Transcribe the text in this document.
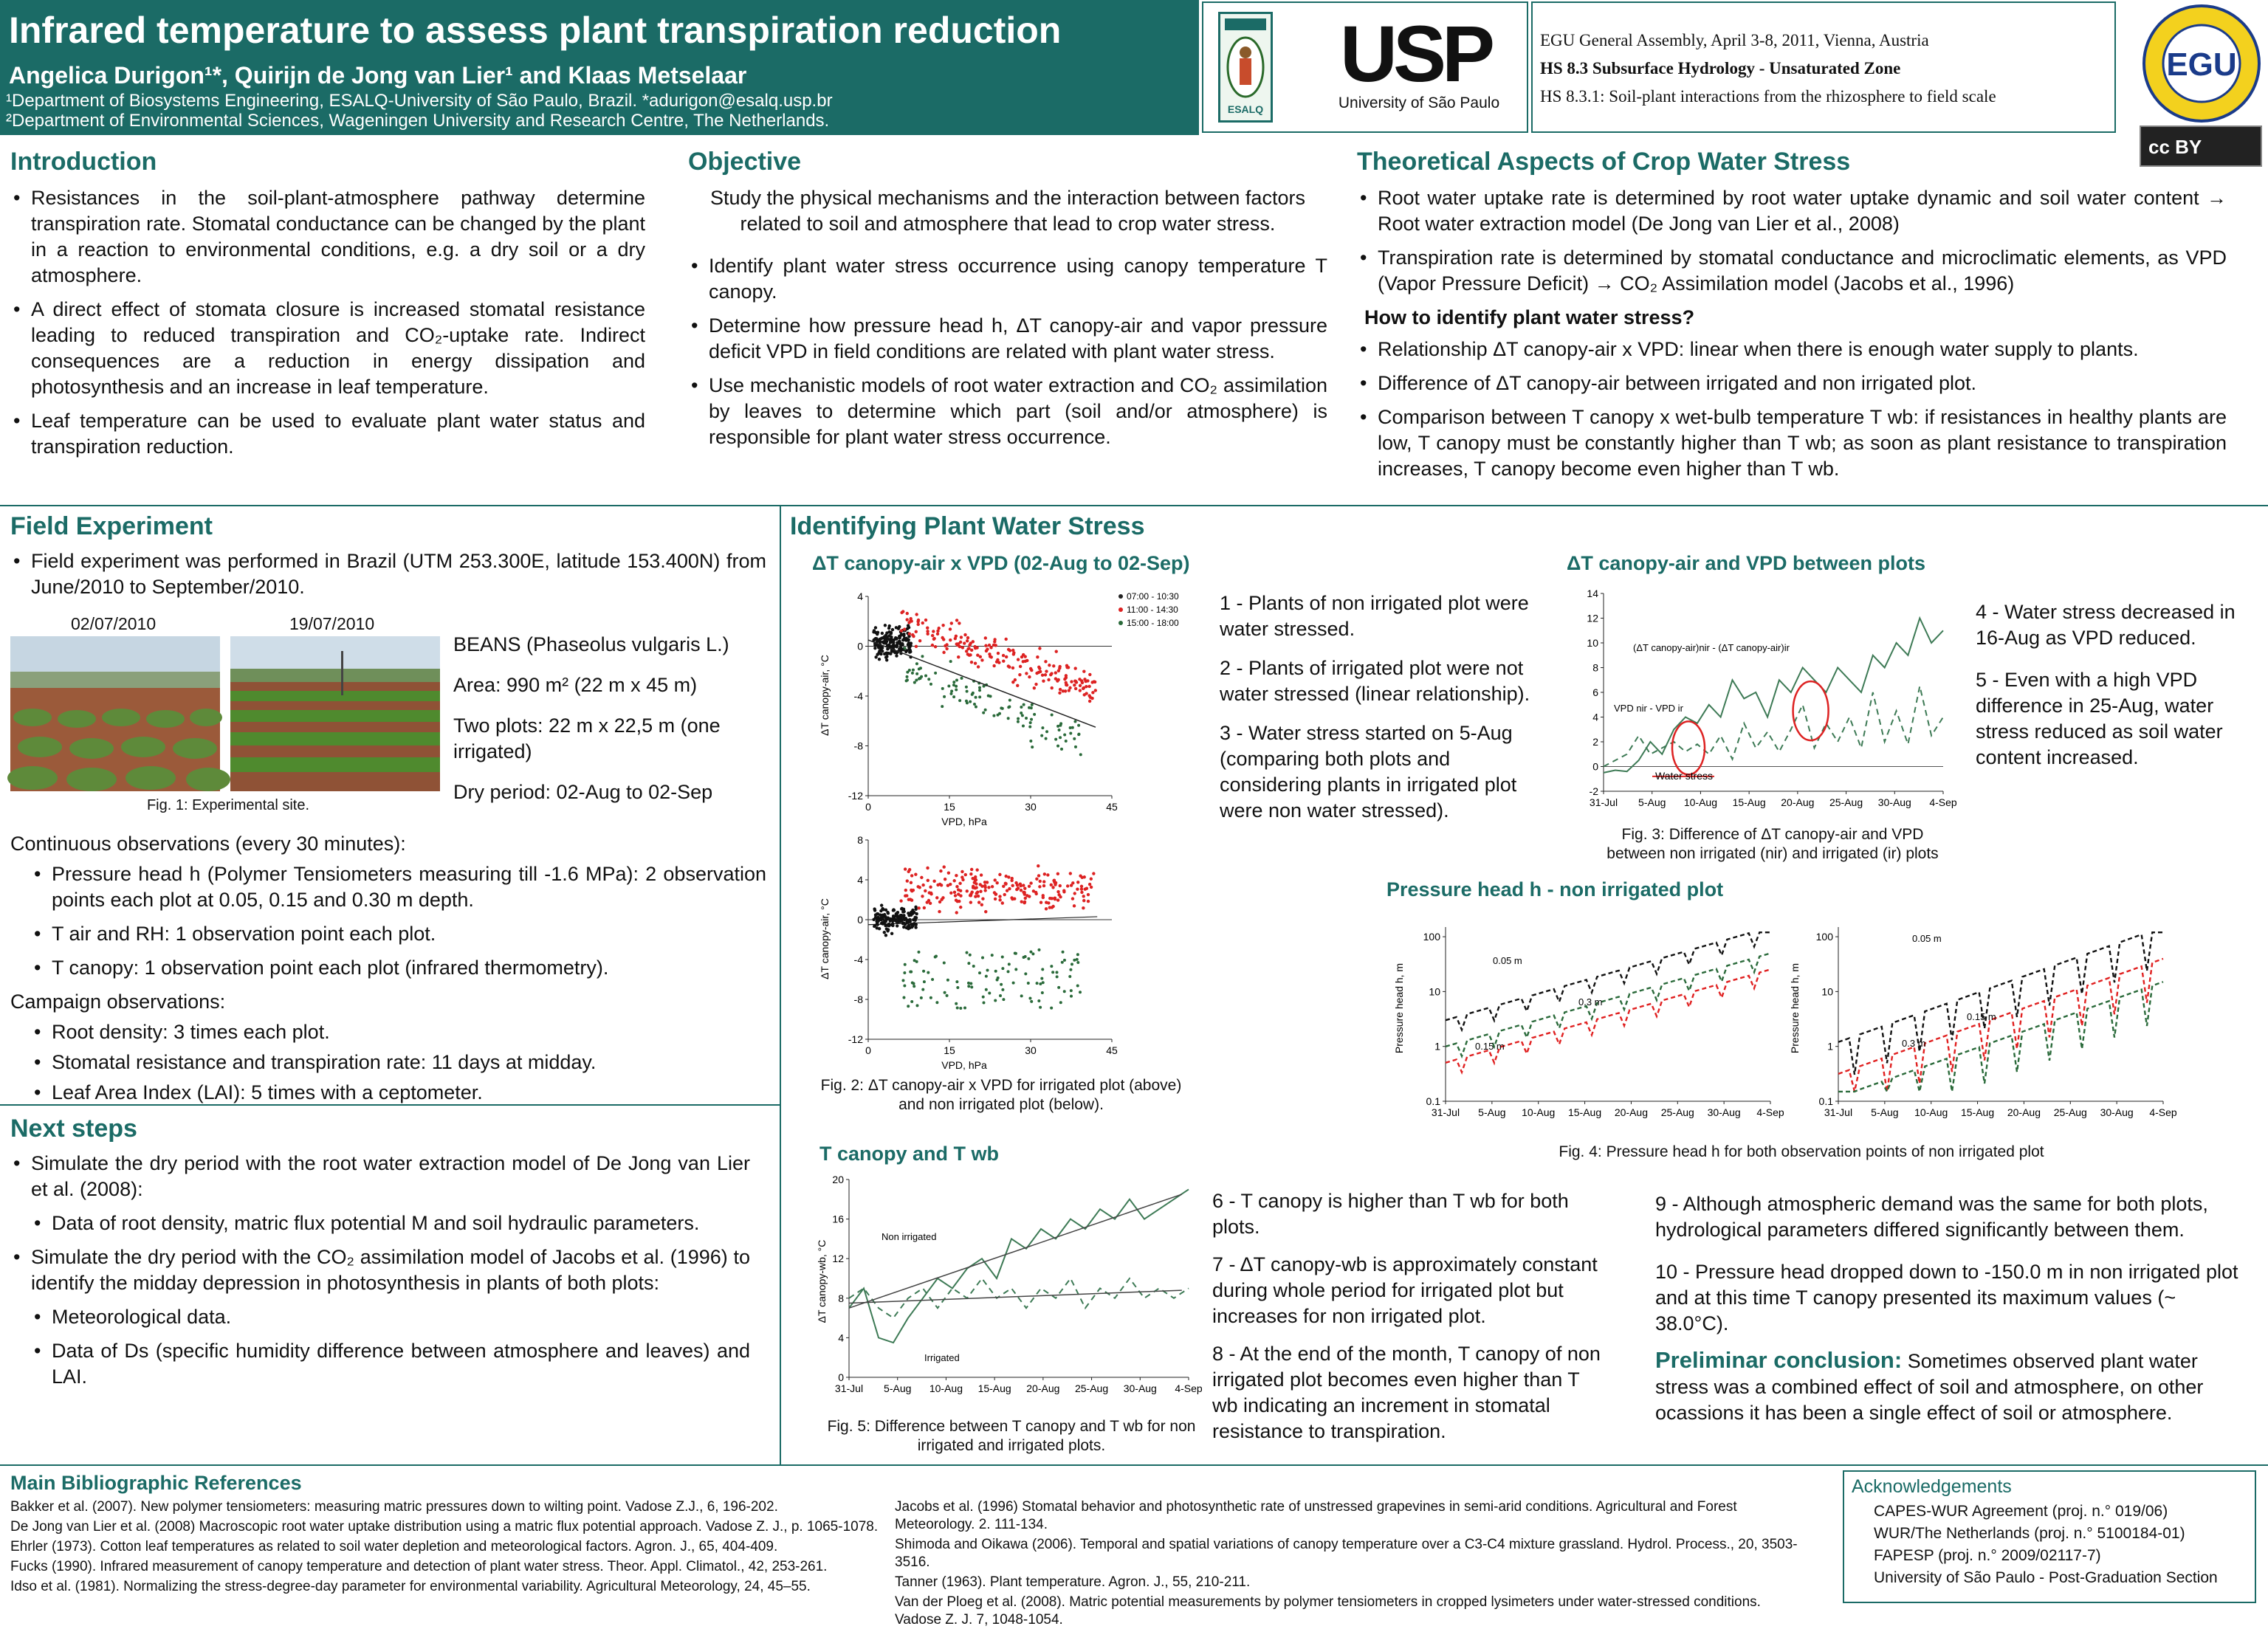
Infrared temperature to assess plant transpiration reduction
Angelica Durigon¹*, Quirijn de Jong van Lier¹ and Klaas Metselaar
¹Department of Biosystems Engineering, ESALQ-University of São Paulo, Brazil. *adurigon@esalq.usp.br
²Department of Environmental Sciences, Wageningen University and Research Centre, The Netherlands.
ESALQ
USP
University of São Paulo
EGU General Assembly, April 3-8, 2011, Vienna, Austria
HS 8.3 Subsurface Hydrology - Unsaturated Zone
HS 8.3.1: Soil-plant interactions from the rhizosphere to field scale
EGU
cc BY
Introduction
• Resistances in the soil-plant-atmosphere pathway determine transpiration rate. Stomatal conductance can be changed by the plant in a reaction to environmental conditions, e.g. a dry soil or a dry atmosphere.
• A direct effect of stomata closure is increased stomatal resistance leading to reduced transpiration and CO₂-uptake rate. Indirect consequences are a reduction in energy dissipation and photosynthesis and an increase in leaf temperature.
• Leaf temperature can be used to evaluate plant water status and transpiration reduction.
Objective
Study the physical mechanisms and the interaction between factors related to soil and atmosphere that lead to crop water stress.
• Identify plant water stress occurrence using canopy temperature T canopy.
• Determine how pressure head h, ΔT canopy-air and vapor pressure deficit VPD in field conditions are related with plant water stress.
• Use mechanistic models of root water extraction and CO₂ assimilation by leaves to determine which part (soil and/or atmosphere) is responsible for plant water stress occurrence.
Theoretical Aspects of Crop Water Stress
• Root water uptake rate is determined by root water uptake dynamic and soil water content → Root water extraction model (De Jong van Lier et al., 2008)
• Transpiration rate is determined by stomatal conductance and microclimatic elements, as VPD (Vapor Pressure Deficit) → CO₂ Assimilation model (Jacobs et al., 1996)
How to identify plant water stress?
• Relationship ΔT canopy-air x VPD: linear when there is enough water supply to plants.
• Difference of ΔT canopy-air between irrigated and non irrigated plot.
• Comparison between T canopy x wet-bulb temperature T wb: if resistances in healthy plants are low, T canopy must be constantly higher than T wb; as soon as plant resistance to transpiration increases, T canopy become even higher than T wb.
Field Experiment
• Field experiment was performed in Brazil (UTM 253.300E, latitude 153.400N) from June/2010 to September/2010.
02/07/2010	19/07/2010
Fig. 1: Experimental site.
BEANS (Phaseolus vulgaris L.)
Area: 990 m² (22 m x 45 m)
Two plots: 22 m x 22,5 m (one irrigated)
Dry period: 02-Aug to 02-Sep
Continuous observations (every 30 minutes):
• Pressure head h (Polymer Tensiometers measuring till -1.6 MPa): 2 observation points each plot at 0.05, 0.15 and 0.30 m depth.
• T air and RH: 1 observation point each plot.
• T canopy: 1 observation point each plot (infrared thermometry).
Campaign observations:
• Root density: 3 times each plot.
• Stomatal resistance and transpiration rate: 11 days at midday.
• Leaf Area Index (LAI): 5 times with a ceptometer.
Next steps
• Simulate the dry period with the root water extraction model of De Jong van Lier et al. (2008):
• Data of root density, matric flux potential M and soil hydraulic parameters.
• Simulate the dry period with the CO₂ assimilation model of Jacobs et al. (1996) to identify the midday depression in photosynthesis in plants of both plots:
• Meteorological data.
• Data of Ds (specific humidity difference between atmosphere and leaves) and LAI.
Identifying Plant Water Stress
ΔT canopy-air x VPD (02-Aug to 02-Sep)	ΔT canopy-air and VPD between plots
Pressure head h - non irrigated plot
T canopy and T wb
4
0
-4
-8
-12
0	15	30	45
VPD, hPa
ΔT canopy-air, °C
07:00 - 10:30
11:00 - 14:30
15:00 - 18:00
8
4
0
-4
-8
-12
0	15	30	45
VPD, hPa
ΔT canopy-air, °C
Fig. 2: ΔT canopy-air x VPD for irrigated plot (above) and non irrigated plot (below).
1 - Plants of non irrigated plot were water stressed.
2 - Plants of irrigated plot were not water stressed (linear relationship).
3 - Water stress started on 5-Aug (comparing both plots and considering plants in irrigated plot were non water stressed).
14
12
10
8
6
4
2
0
-2
31-Jul 5-Aug 10-Aug 15-Aug 20-Aug 25-Aug 30-Aug 4-Sep
(ΔT canopy-air)nir - (ΔT canopy-air)ir
VPD nir - VPD ir
Water stress
Fig. 3: Difference of ΔT canopy-air and VPD between non irrigated (nir) and irrigated (ir) plots
4 - Water stress decreased in 16-Aug as VPD reduced.
5 - Even with a high VPD difference in 25-Aug, water stress reduced as soil water content increased.
100
10
1
0.1
31-Jul 5-Aug 10-Aug 15-Aug 20-Aug 25-Aug 30-Aug 4-Sep
Pressure head h, m
0.05 m
0.15 m
0.3 m
100
10
1
0.1
31-Jul 5-Aug 10-Aug 15-Aug 20-Aug 25-Aug 30-Aug 4-Sep
Pressure head h, m
0.05 m
0.15 m
0.3 m
Fig. 4: Pressure head h for both observation points of non irrigated plot
20
16
12
8
4
0
31-Jul 5-Aug 10-Aug 15-Aug 20-Aug 25-Aug 30-Aug 4-Sep
ΔT canopy-wb, °C
Non irrigated
Irrigated
Fig. 5: Difference between T canopy and T wb for non irrigated and irrigated plots.
6 - T canopy is higher than T wb for both plots.
7 - ΔT canopy-wb is approximately constant during whole period for irrigated plot but increases for non irrigated plot.
8 - At the end of the month, T canopy of non irrigated plot becomes even higher than T wb indicating an increment in stomatal resistance to transpiration.
9 - Although atmospheric demand was the same for both plots, hydrological parameters differed significantly between them.
10 - Pressure head dropped down to -150.0 m in non irrigated plot and at this time T canopy presented its maximum values (~ 38.0°C).
Preliminar conclusion: Sometimes observed plant water stress was a combined effect of soil and atmosphere, on other ocassions it has been a single effect of soil or atmosphere.
Main Bibliographic References
Bakker et al. (2007). New polymer tensiometers: measuring matric pressures down to wilting point. Vadose Z.J., 6, 196-202.
De Jong van Lier et al. (2008) Macroscopic root water uptake distribution using a matric flux potential approach. Vadose Z. J., p. 1065-1078.
Ehrler (1973). Cotton leaf temperatures as related to soil water depletion and meteorological factors. Agron. J., 65, 404-409.
Fucks (1990). Infrared measurement of canopy temperature and detection of plant water stress. Theor. Appl. Climatol., 42, 253-261.
Idso et al. (1981). Normalizing the stress-degree-day parameter for environmental variability. Agricultural Meteorology, 24, 45–55.
Jacobs et al. (1996) Stomatal behavior and photosynthetic rate of unstressed grapevines in semi-arid conditions. Agricultural and Forest Meteorology. 2. 111-134.
Shimoda and Oikawa (2006). Temporal and spatial variations of canopy temperature over a C3-C4 mixture grassland. Hydrol. Process., 20, 3503-3516.
Tanner (1963). Plant temperature. Agron. J., 55, 210-211.
Van der Ploeg et al. (2008). Matric potential measurements by polymer tensiometers in cropped lysimeters under water-stressed conditions. Vadose Z. J. 7, 1048-1054.
Acknowledgements
CAPES-WUR Agreement (proj. n.° 019/06)
WUR/The Netherlands (proj. n.° 5100184-01)
FAPESP (proj. n.° 2009/02117-7)
University of São Paulo - Post-Graduation Section
